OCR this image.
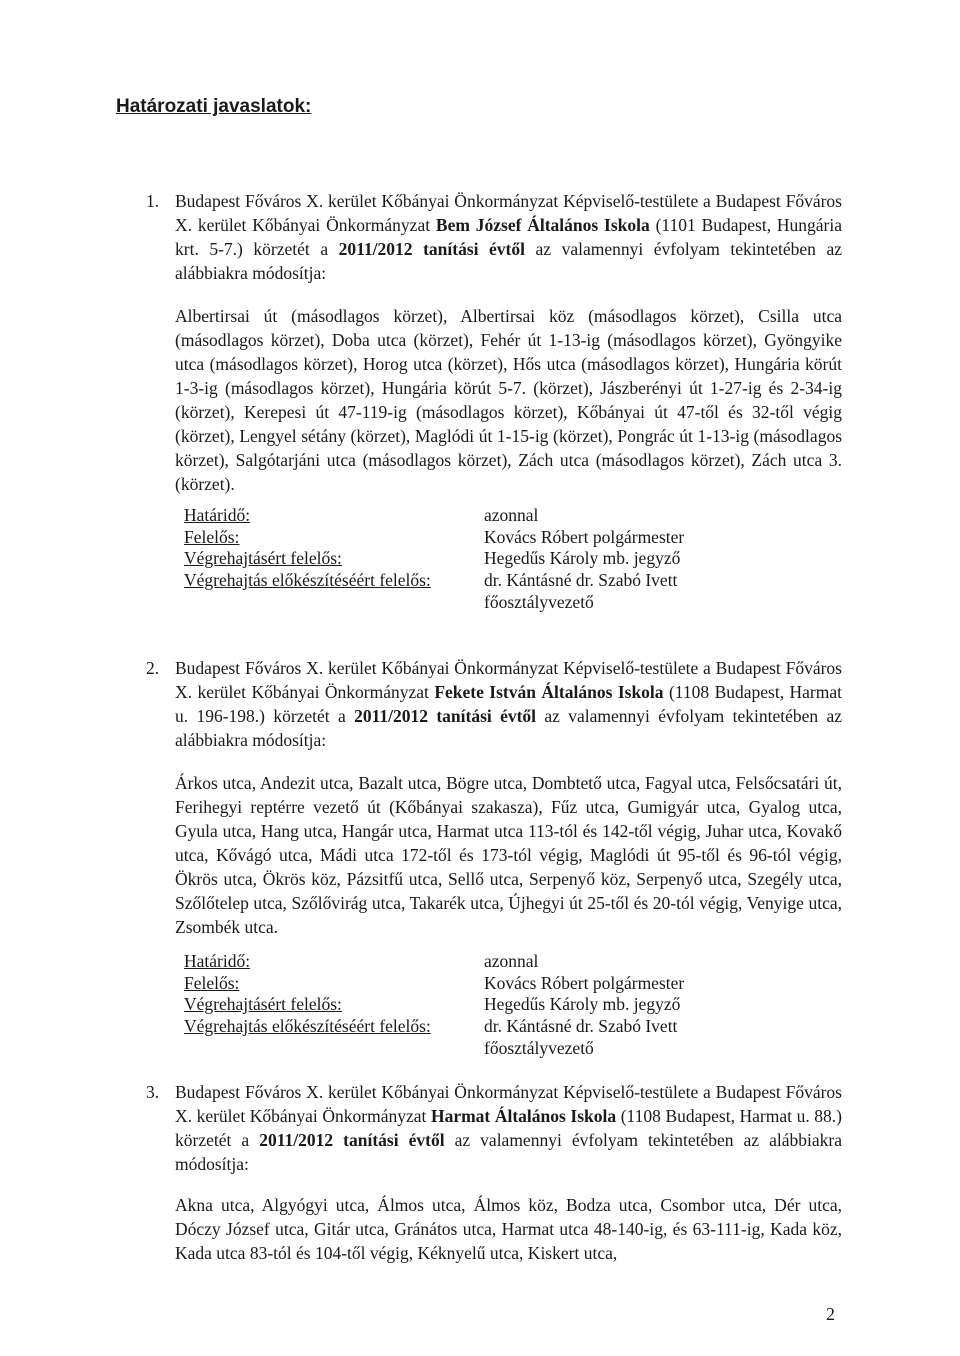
Határozati javaslatok:
1. Budapest Főváros X. kerület Kőbányai Önkormányzat Képviselő-testülete a Budapest Főváros X. kerület Kőbányai Önkormányzat Bem József Általános Iskola (1101 Budapest, Hungária krt. 5-7.) körzetét a 2011/2012 tanítási évtől az valamennyi évfolyam tekintetében az alábbiakra módosítja:
Albertirsai út (másodlagos körzet), Albertirsai köz (másodlagos körzet), Csilla utca (másodlagos körzet), Doba utca (körzet), Fehér út 1-13-ig (másodlagos körzet), Gyöngyike utca (másodlagos körzet), Horog utca (körzet), Hős utca (másodlagos körzet), Hungária körút 1-3-ig (másodlagos körzet), Hungária körút 5-7. (körzet), Jászberényi út 1-27-ig és 2-34-ig (körzet), Kerepesi út 47-119-ig (másodlagos körzet), Kőbányai út 47-től és 32-től végig (körzet), Lengyel sétány (körzet), Maglódi út 1-15-ig (körzet), Pongrác út 1-13-ig (másodlagos körzet), Salgótarjáni utca (másodlagos körzet), Zách utca (másodlagos körzet), Zách utca 3. (körzet).
Határidő:	azonnal
Felelős:	Kovács Róbert polgármester
Végrehajtásért felelős:	Hegedűs Károly mb. jegyző
Végrehajtás előkészítéséért felelős:	dr. Kántásné dr. Szabó Ivett főosztályvezető
2. Budapest Főváros X. kerület Kőbányai Önkormányzat Képviselő-testülete a Budapest Főváros X. kerület Kőbányai Önkormányzat Fekete István Általános Iskola (1108 Budapest, Harmat u. 196-198.) körzetét a 2011/2012 tanítási évtől az valamennyi évfolyam tekintetében az alábbiakra módosítja:
Árkos utca, Andezit utca, Bazalt utca, Bögre utca, Dombtető utca, Fagyal utca, Felsőcsatári út, Ferihegyi reptérre vezető út (Kőbányai szakasza), Fűz utca, Gumigyár utca, Gyalog utca, Gyula utca, Hang utca, Hangár utca, Harmat utca 113-tól és 142-től végig, Juhar utca, Kovakő utca, Kővágó utca, Mádi utca 172-től és 173-tól végig, Maglódi út 95-től és 96-tól végig, Ökrös utca, Ökrös köz, Pázsitfű utca, Sellő utca, Serpenyő köz, Serpenyő utca, Szegély utca, Szőlőtelep utca, Szőlővirág utca, Takarék utca, Újhegyi út 25-től és 20-tól végig, Venyige utca, Zsombék utca.
Határidő:	azonnal
Felelős:	Kovács Róbert polgármester
Végrehajtásért felelős:	Hegedűs Károly mb. jegyző
Végrehajtás előkészítéséért felelős:	dr. Kántásné dr. Szabó Ivett főosztályvezető
3. Budapest Főváros X. kerület Kőbányai Önkormányzat Képviselő-testülete a Budapest Főváros X. kerület Kőbányai Önkormányzat Harmat Általános Iskola (1108 Budapest, Harmat u. 88.) körzetét a 2011/2012 tanítási évtől az valamennyi évfolyam tekintetében az alábbiakra módosítja:
Akna utca, Algyógyi utca, Álmos utca, Álmos köz, Bodza utca, Csombor utca, Dér utca, Dóczy József utca, Gitár utca, Gránátos utca, Harmat utca 48-140-ig, és 63-111-ig, Kada köz, Kada utca 83-tól és 104-től végig, Kéknyelű utca, Kiskert utca,
2
